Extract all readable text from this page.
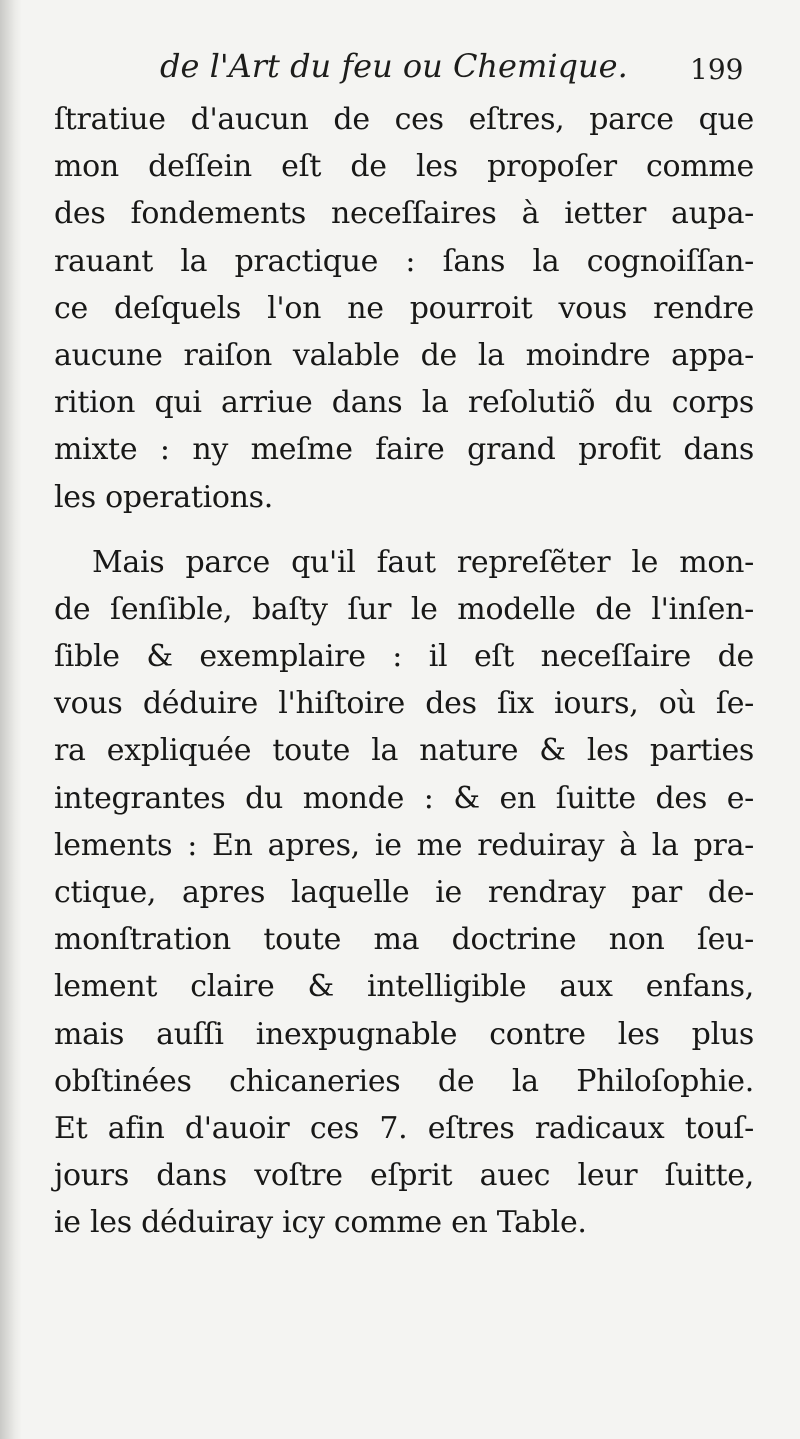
de l'Art du feu ou Chemique. 199
ſtratiue d'aucun de ces eſtres, parce que
mon deſſein eſt de les propoſer comme
des fondements neceſſaires à ietter aupa-
rauant la practique : ſans la cognoiſſan-
ce deſquels l'on ne pourroit vous rendre
aucune raiſon valable de la moindre appa-
rition qui arriue dans la reſolutiõ du corps
mixte : ny meſme faire grand profit dans
les operations.
Mais parce qu'il faut repreſẽter le mon-
de ſenſible, baſty ſur le modelle de l'inſen-
ſible & exemplaire : il eſt neceſſaire de
vous déduire l'hiſtoire des ſix iours, où ſe-
ra expliquée toute la nature & les parties
integrantes du monde : & en ſuitte des e-
lements : En apres, ie me reduiray à la pra-
ctique, apres laquelle ie rendray par de-
monſtration toute ma doctrine non ſeu-
lement claire & intelligible aux enfans,
mais auſſi inexpugnable contre les plus
obſtinées chicaneries de la Philoſophie.
Et afin d'auoir ces 7. eſtres radicaux touſ-
jours dans voſtre eſprit auec leur ſuitte,
ie les déduiray icy comme en Table.
